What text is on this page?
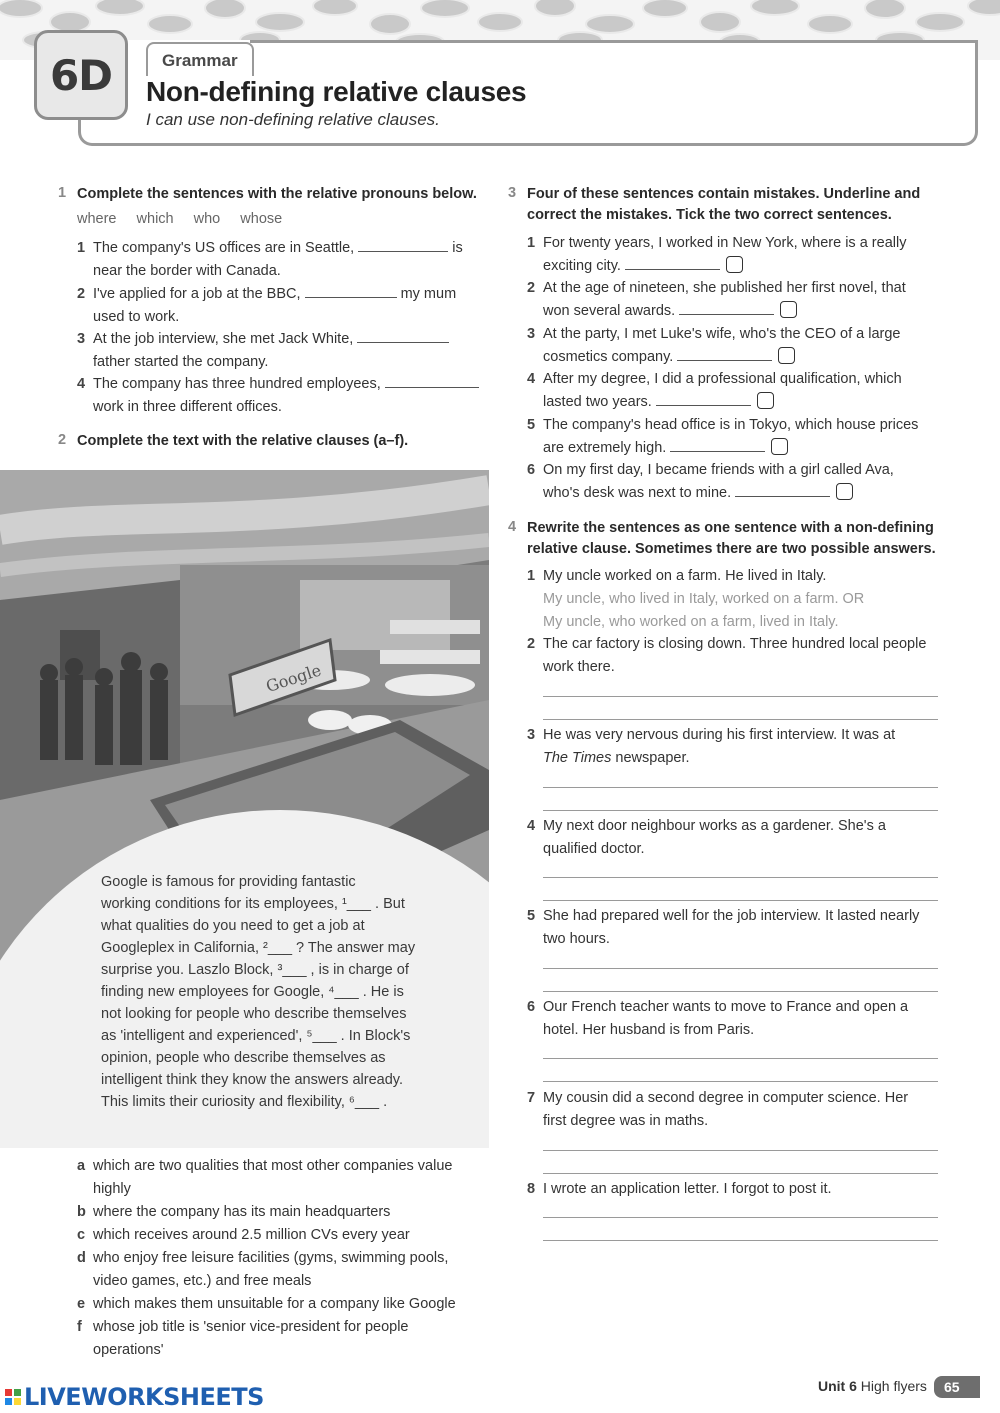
6D	Grammar
Non-defining relative clauses
I can use non-defining relative clauses.
1 Complete the sentences with the relative pronouns below.
where which who whose
1 The company's US offices are in Seattle,	is
near the border with Canada.
2 I've applied for a job at the BBC,	my mum
used to work.
3 At the job interview, she met Jack White,
father started the company.
4 The company has three hundred employees,
work in three different offices.
2 Complete the text with the relative clauses (a–f).
Google
Google is famous for providing fantastic
working conditions for its employees, ¹___ . But
what qualities do you need to get a job at
Googleplex in California, ²___ ? The answer may
surprise you. Laszlo Block, ³___ , is in charge of
finding new employees for Google, ⁴___ . He is
not looking for people who describe themselves
as 'intelligent and experienced', ⁵___ . In Block's
opinion, people who describe themselves as
intelligent think they know the answers already.
This limits their curiosity and flexibility, ⁶___ .
a which are two qualities that most other companies value highly
b where the company has its main headquarters
c which receives around 2.5 million CVs every year
d who enjoy free leisure facilities (gyms, swimming pools, video games, etc.) and free meals
e which makes them unsuitable for a company like Google
f whose job title is 'senior vice-president for people operations'
3 Four of these sentences contain mistakes. Underline and
correct the mistakes. Tick the two correct sentences.
1 For twenty years, I worked in New York, where is a really
exciting city.
2 At the age of nineteen, she published her first novel, that
won several awards.
3 At the party, I met Luke's wife, who's the CEO of a large
cosmetics company.
4 After my degree, I did a professional qualification, which
lasted two years.
5 The company's head office is in Tokyo, which house prices
are extremely high.
6 On my first day, I became friends with a girl called Ava,
who's desk was next to mine.
4 Rewrite the sentences as one sentence with a non-defining
relative clause. Sometimes there are two possible answers.
1 My uncle worked on a farm. He lived in Italy.
My uncle, who lived in Italy, worked on a farm. OR
My uncle, who worked on a farm, lived in Italy.
2 The car factory is closing down. Three hundred local people
work there.
3 He was very nervous during his first interview. It was at
The Times newspaper.
4 My next door neighbour works as a gardener. She's a
qualified doctor.
5 She had prepared well for the job interview. It lasted nearly
two hours.
6 Our French teacher wants to move to France and open a
hotel. Her husband is from Paris.
7 My cousin did a second degree in computer science. Her
first degree was in maths.
8 I wrote an application letter. I forgot to post it.
LIVEWORKSHEETS	Unit 6 High flyers	65
